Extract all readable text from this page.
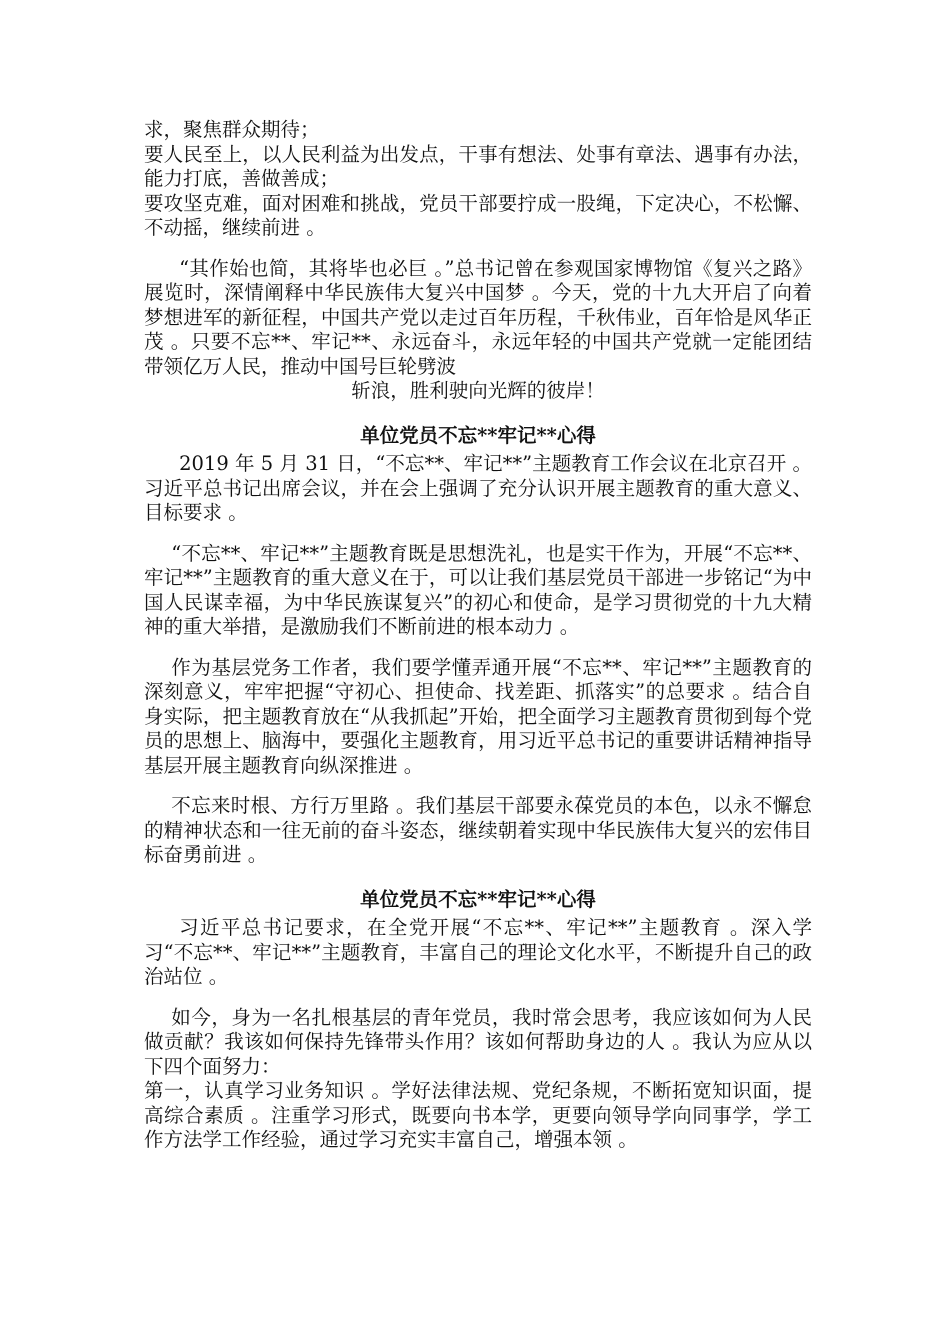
求，聚焦群众期待；

要人民至上，以人民利益为出发点，干事有想法、处事有章法、遇事有办法，能力打底，善做善成；

要攻坚克难，面对困难和挑战，党员干部要拧成一股绳，下定决心，不松懈、不动摇，继续前进 。

“其作始也简，其将毕也必巨 。”总书记曾在参观国家博物馆《复兴之路》展览时，深情阐释中华民族伟大复兴中国梦 。今天，党的十九大开启了向着梦想进军的新征程，中国共产党以走过百年历程，千秋伟业，百年恰是风华正茂 。只要不忘**、牢记**、永远奋斗，永远年轻的中国共产党就一定能团结带领亿万人民，推动中国号巨轮劈波

斩浪，胜利驶向光辉的彼岸！

单位党员不忘**牢记**心得

2019 年 5 月 31 日，“不忘**、牢记**”主题教育工作会议在北京召开 。习近平总书记出席会议，并在会上强调了充分认识开展主题教育的重大意义、目标要求 。

“不忘**、牢记**”主题教育既是思想洗礼，也是实干作为，开展“不忘**、牢记**”主题教育的重大意义在于，可以让我们基层党员干部进一步铭记“为中国人民谋幸福，为中华民族谋复兴”的初心和使命，是学习贯彻党的十九大精神的重大举措，是激励我们不断前进的根本动力 。

作为基层党务工作者，我们要学懂弄通开展“不忘**、牢记**”主题教育的深刻意义，牢牢把握“守初心、担使命、找差距、抓落实”的总要求 。结合自身实际，把主题教育放在“从我抓起”开始，把全面学习主题教育贯彻到每个党员的思想上、脑海中，要强化主题教育，用习近平总书记的重要讲话精神指导基层开展主题教育向纵深推进 。

不忘来时根、方行万里路 。我们基层干部要永葆党员的本色，以永不懈怠的精神状态和一往无前的奋斗姿态，继续朝着实现中华民族伟大复兴的宏伟目标奋勇前进 。

单位党员不忘**牢记**心得

习近平总书记要求，在全党开展“不忘**、牢记**”主题教育 。深入学习“不忘**、牢记**”主题教育，丰富自己的理论文化水平，不断提升自己的政治站位 。

如今，身为一名扎根基层的青年党员，我时常会思考，我应该如何为人民做贡献？我该如何保持先锋带头作用？该如何帮助身边的人 。我认为应从以下四个面努力：

第一，认真学习业务知识 。学好法律法规、党纪条规，不断拓宽知识面，提高综合素质 。注重学习形式，既要向书本学，更要向领导学向同事学，学工作方法学工作经验，通过学习充实丰富自己，增强本领 。
